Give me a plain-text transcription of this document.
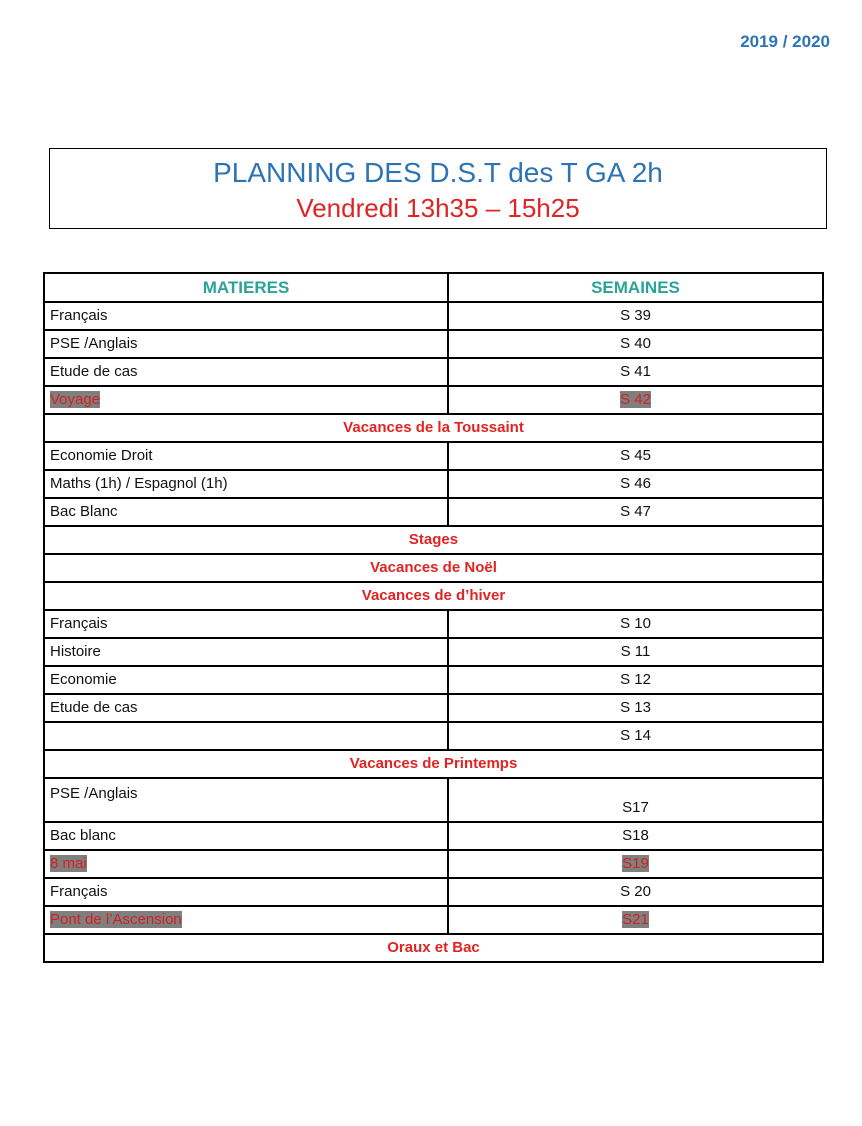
2019 / 2020
PLANNING DES D.S.T des T GA 2h
Vendredi 13h35 – 15h25
MATIERES	SEMAINES
Français	S 39
PSE /Anglais	S 40
Etude de cas	S 41
Voyage	S 42
Vacances de la Toussaint	
Economie Droit	S 45
Maths (1h) / Espagnol (1h)	S 46
Bac Blanc	S 47
Stages	
Vacances de Noël	
Vacances de d’hiver	
Français	S 10
Histoire	S 11
Economie	S 12
Etude de cas	S 13
	S 14
Vacances de Printemps	
PSE /Anglais	S17
Bac blanc	S18
8 mai	S19
Français	S 20
Pont de l’Ascension	S21
Oraux et Bac	
